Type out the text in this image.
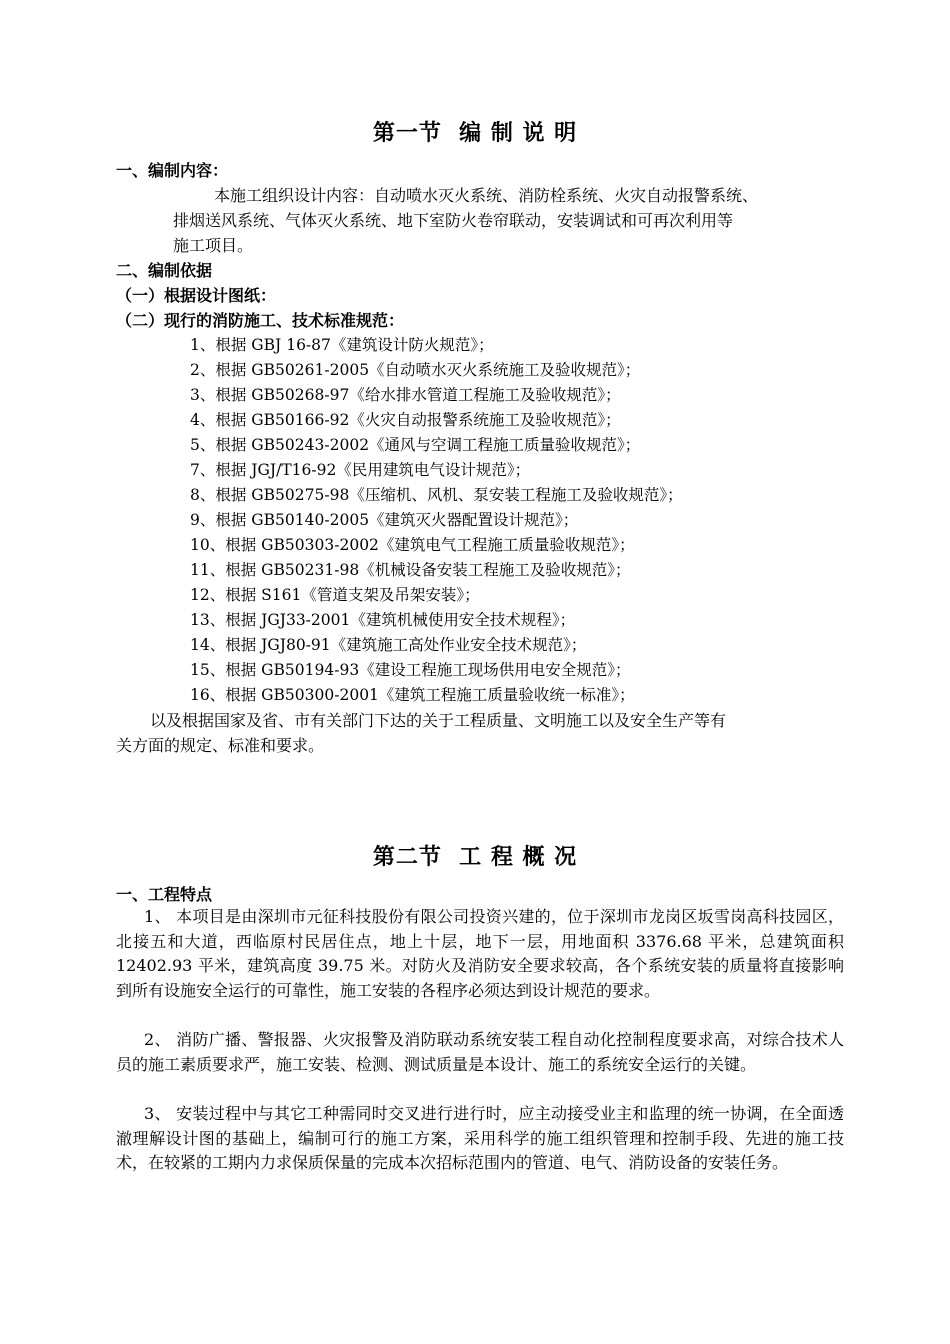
第一节  编 制 说 明
一、编制内容：
本施工组织设计内容：自动喷水灭火系统、消防栓系统、火灾自动报警系统、
排烟送风系统、气体灭火系统、地下室防火卷帘联动，安装调试和可再次利用等
施工项目。
二、编制依据
（一）根据设计图纸：
（二）现行的消防施工、技术标准规范：
1、根据 GBJ 16-87《建筑设计防火规范》；
2、根据 GB50261-2005《自动喷水灭火系统施工及验收规范》；
3、根据 GB50268-97《给水排水管道工程施工及验收规范》；
4、根据 GB50166-92《火灾自动报警系统施工及验收规范》；
5、根据 GB50243-2002《通风与空调工程施工质量验收规范》；
7、根据 JGJ/T16-92《民用建筑电气设计规范》；
8、根据 GB50275-98《压缩机、风机、泵安装工程施工及验收规范》；
9、根据 GB50140-2005《建筑灭火器配置设计规范》；
10、根据 GB50303-2002《建筑电气工程施工质量验收规范》；
11、根据 GB50231-98《机械设备安装工程施工及验收规范》；
12、根据 S161《管道支架及吊架安装》；
13、根据 JGJ33-2001《建筑机械使用安全技术规程》；
14、根据 JGJ80-91《建筑施工高处作业安全技术规范》；
15、根据 GB50194-93《建设工程施工现场供用电安全规范》；
16、根据 GB50300-2001《建筑工程施工质量验收统一标准》；
以及根据国家及省、市有关部门下达的关于工程质量、文明施工以及安全生产等有
关方面的规定、标准和要求。
第二节  工 程 概 况
一、工程特点
1、 本项目是由深圳市元征科技股份有限公司投资兴建的，位于深圳市龙岗区坂雪岗高科技园区，北接五和大道，西临原村民居住点，地上十层，地下一层，用地面积 3376.68 平米，总建筑面积 12402.93 平米，建筑高度 39.75 米。对防火及消防安全要求较高，各个系统安装的质量将直接影响到所有设施安全运行的可靠性，施工安装的各程序必须达到设计规范的要求。
2、 消防广播、警报器、火灾报警及消防联动系统安装工程自动化控制程度要求高，对综合技术人员的施工素质要求严，施工安装、检测、测试质量是本设计、施工的系统安全运行的关键。
3、 安装过程中与其它工种需同时交叉进行进行时，应主动接受业主和监理的统一协调，在全面透澈理解设计图的基础上，编制可行的施工方案，采用科学的施工组织管理和控制手段、先进的施工技术，在较紧的工期内力求保质保量的完成本次招标范围内的管道、电气、消防设备的安装任务。
